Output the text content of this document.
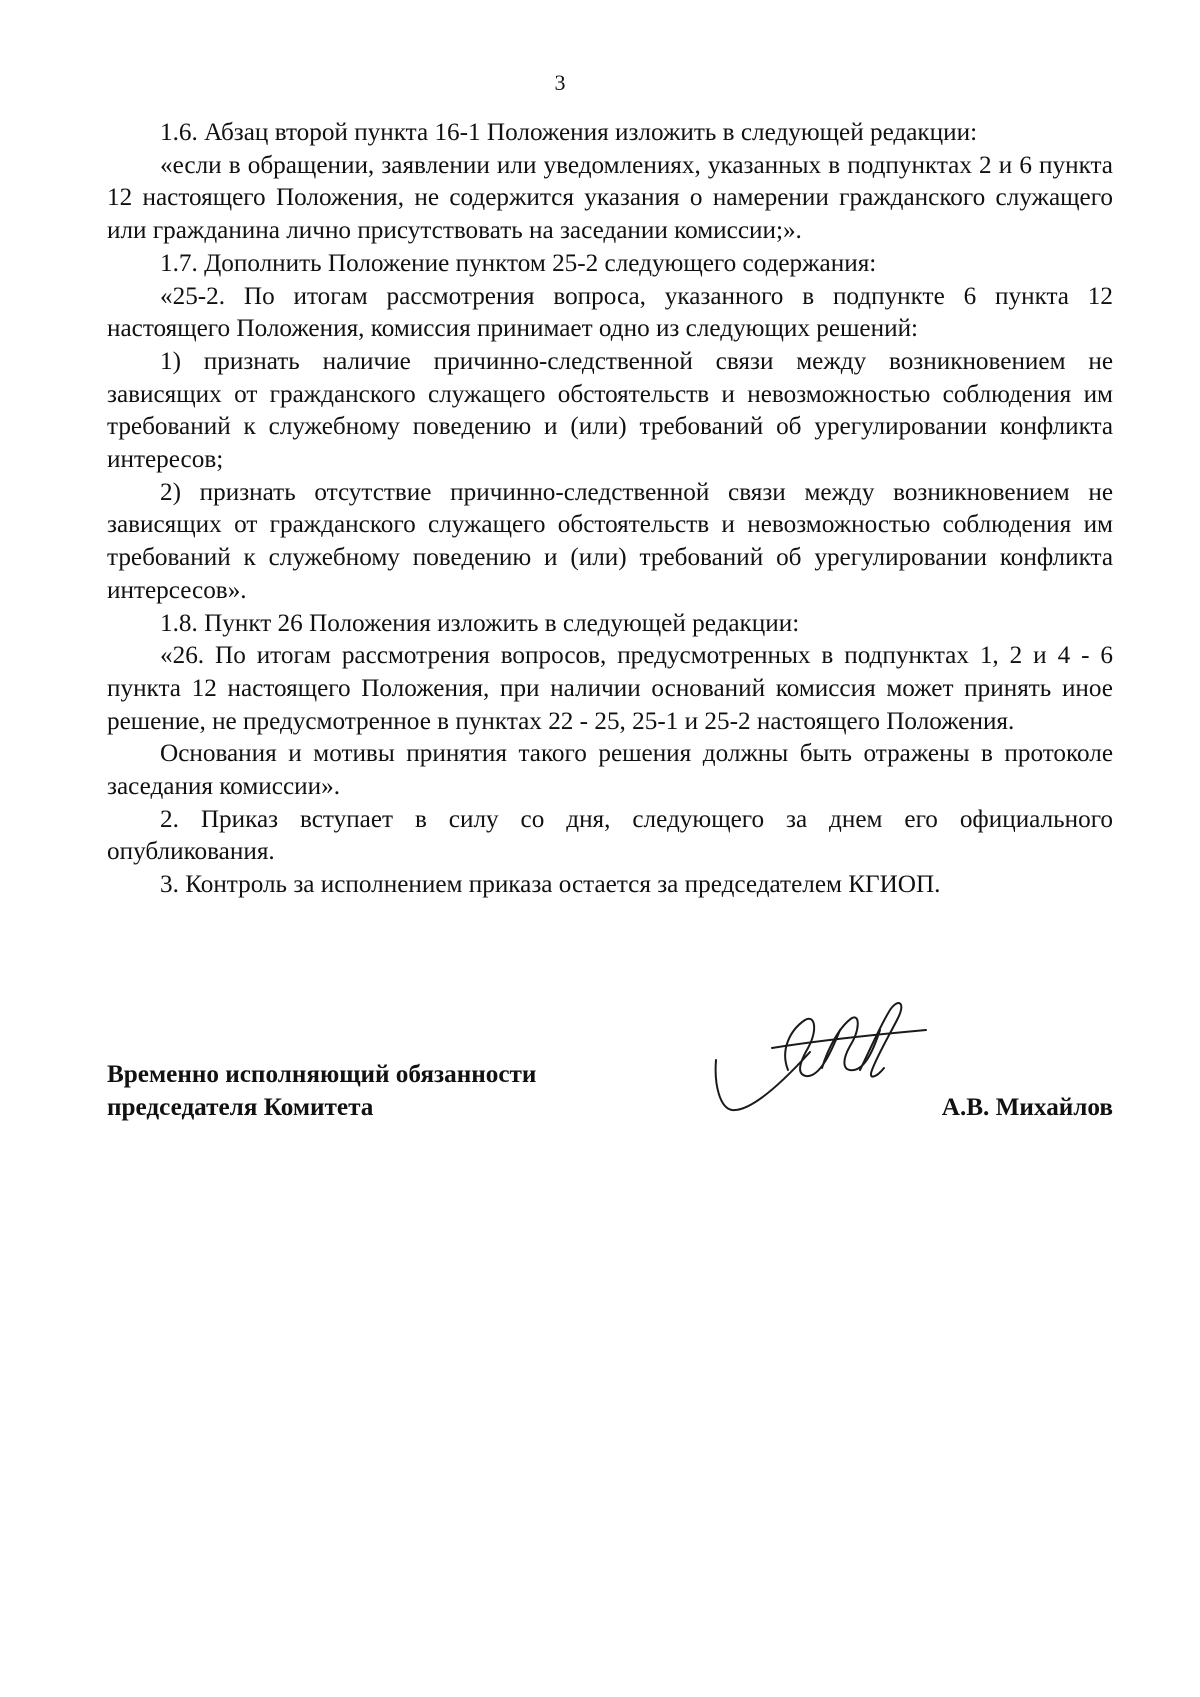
3

1.6. Абзац второй пункта 16-1 Положения изложить в следующей редакции:

«если в обращении, заявлении или уведомлениях, указанных в подпунктах 2 и 6 пункта 12 настоящего Положения, не содержится указания о намерении гражданского служащего или гражданина лично присутствовать на заседании комиссии;».

1.7. Дополнить Положение пунктом 25-2 следующего содержания:

«25-2. По итогам рассмотрения вопроса, указанного в подпункте 6 пункта 12 настоящего Положения, комиссия принимает одно из следующих решений:

1) признать наличие причинно-следственной связи между возникновением не зависящих от гражданского служащего обстоятельств и невозможностью соблюдения им требований к служебному поведению и (или) требований об урегулировании конфликта интересов;

2) признать отсутствие причинно-следственной связи между возникновением не зависящих от гражданского служащего обстоятельств и невозможностью соблюдения им требований к служебному поведению и (или) требований об урегулировании конфликта интерсесов».

1.8. Пункт 26 Положения изложить в следующей редакции:

«26. По итогам рассмотрения вопросов, предусмотренных в подпунктах 1, 2 и 4 - 6 пункта 12 настоящего Положения, при наличии оснований комиссия может принять иное решение, не предусмотренное в пунктах 22 - 25, 25-1 и 25-2 настоящего Положения.

Основания и мотивы принятия такого решения должны быть отражены в протоколе заседания комиссии».

2. Приказ вступает в силу со дня, следующего за днем его официального опубликования.

3. Контроль за исполнением приказа остается за председателем КГИОП.

Временно исполняющий обязанности
председателя Комитета	А.В. Михайлов
